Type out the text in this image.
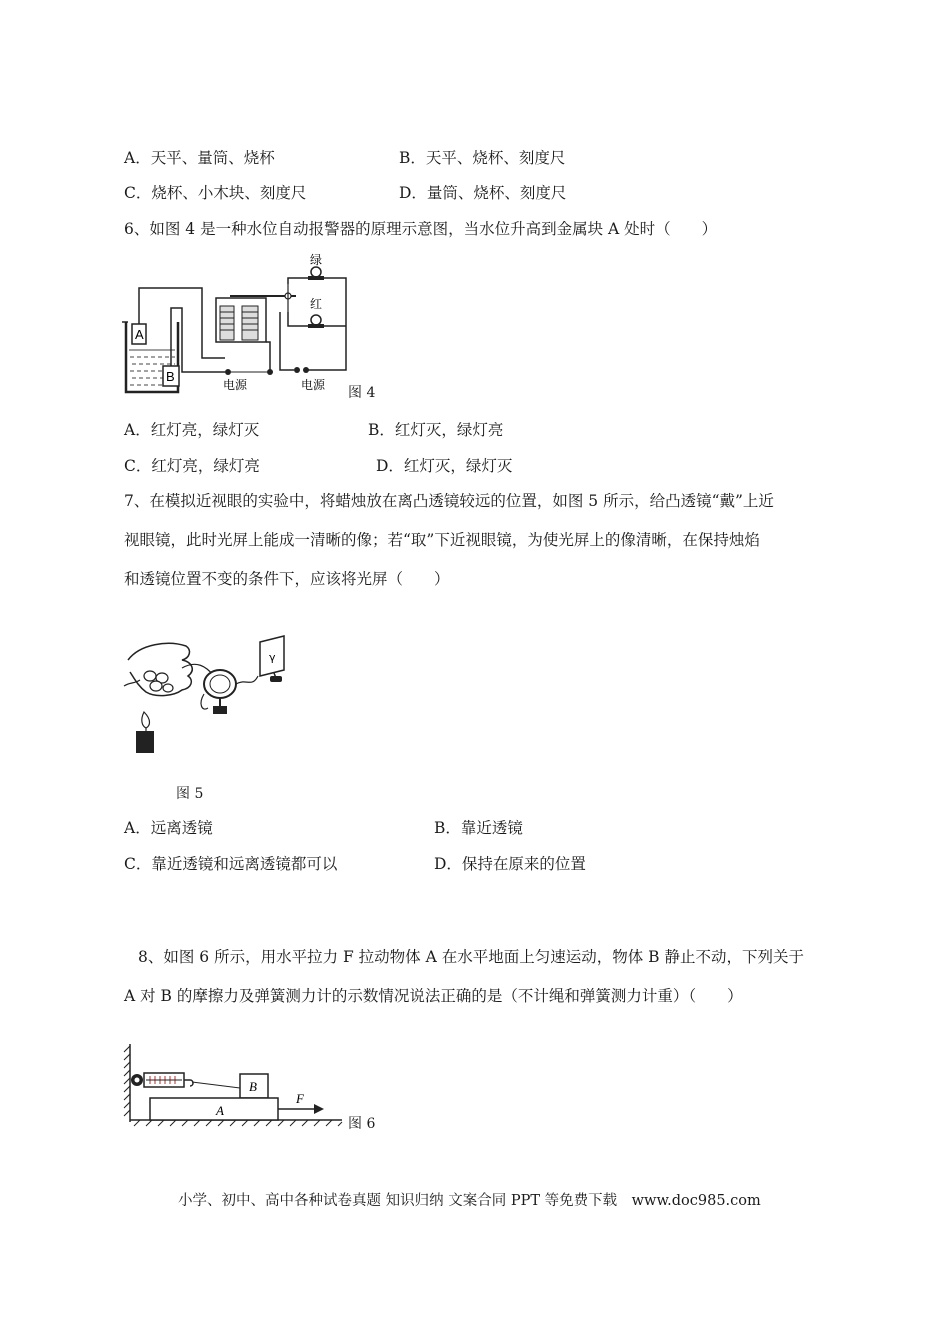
A．天平、量筒、烧杯	B．天平、烧杯、刻度尺
C．烧杯、小木块、刻度尺	D．量筒、烧杯、刻度尺
6、如图 4 是一种水位自动报警器的原理示意图，当水位升高到金属块 A 处时（　　）
A
B
电源
绿
红
电源 图 4
A．红灯亮，绿灯灭	B．红灯灭，绿灯亮
C．红灯亮，绿灯亮	D．红灯灭，绿灯灭
7、在模拟近视眼的实验中，将蜡烛放在离凸透镜较远的位置，如图 5 所示，给凸透镜“戴”上近
视眼镜，此时光屏上能成一清晰的像；若“取”下近视眼镜，为使光屏上的像清晰，在保持烛焰
和透镜位置不变的条件下，应该将光屏（　　）
γ
图 5
A．远离透镜	B．靠近透镜
C．靠近透镜和远离透镜都可以	D．保持在原来的位置
8、如图 6 所示，用水平拉力 F 拉动物体 A 在水平地面上匀速运动，物体 B 静止不动，下列关于
A 对 B 的摩擦力及弹簧测力计的示数情况说法正确的是（不计绳和弹簧测力计重）（　　）
B
A
F
图 6
小学、初中、高中各种试卷真题 知识归纳 文案合同 PPT 等免费下载　www.doc985.com
